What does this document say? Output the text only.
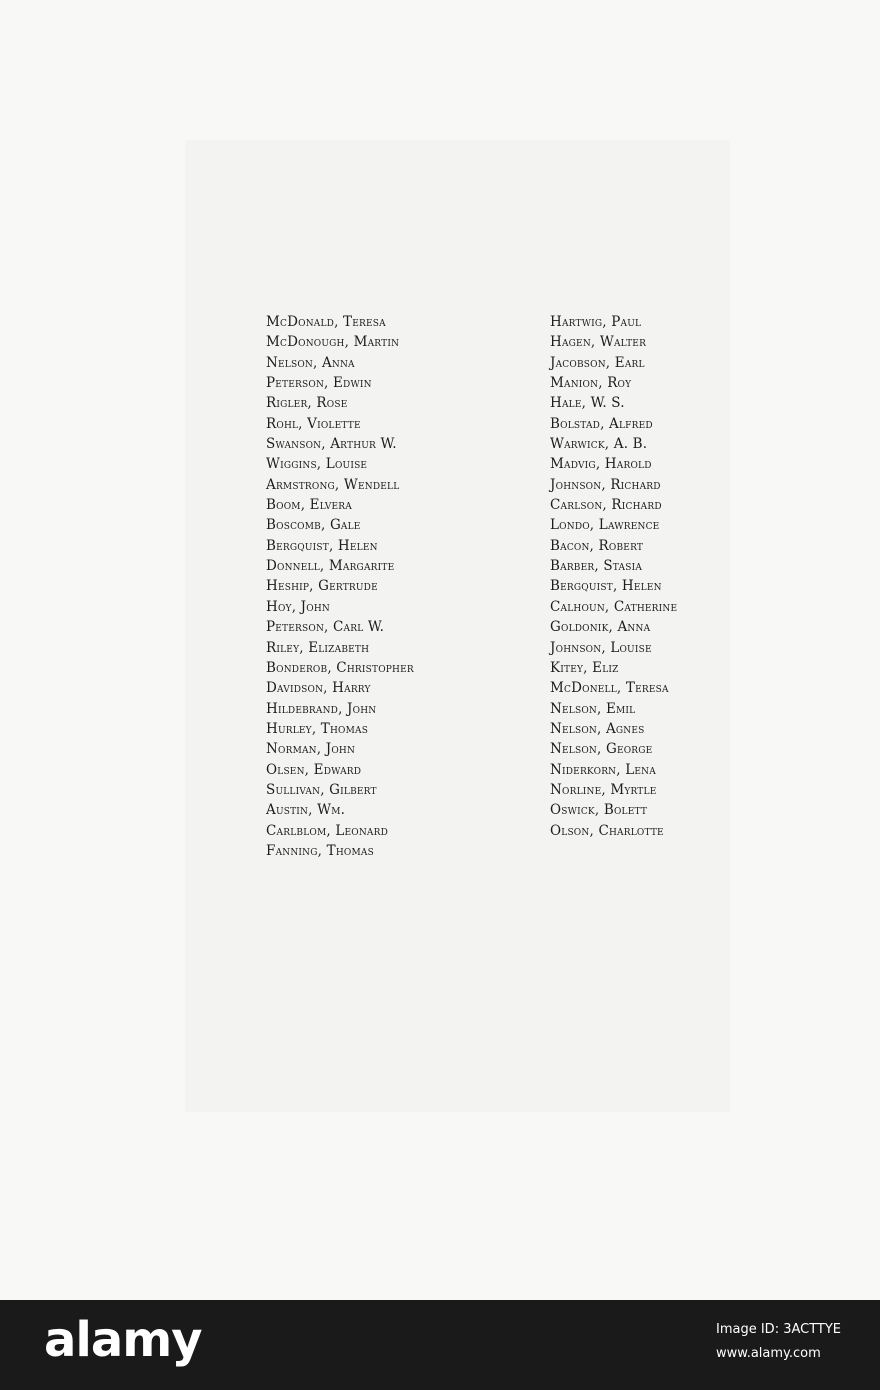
McDonald, Teresa
McDonough, Martin
Nelson, Anna
Peterson, Edwin
Rigler, Rose
Rohl, Violette
Swanson, Arthur W.
Wiggins, Louise
Armstrong, Wendell
Boom, Elvera
Boscomb, Gale
Bergquist, Helen
Donnell, Margarite
Heship, Gertrude
Hoy, John
Peterson, Carl W.
Riley, Elizabeth
Bonderob, Christopher
Davidson, Harry
Hildebrand, John
Hurley, Thomas
Norman, John
Olsen, Edward
Sullivan, Gilbert
Austin, Wm.
Carlblom, Leonard
Fanning, Thomas
Hartwig, Paul
Hagen, Walter
Jacobson, Earl
Manion, Roy
Hale, W. S.
Bolstad, Alfred
Warwick, A. B.
Madvig, Harold
Johnson, Richard
Carlson, Richard
Londo, Lawrence
Bacon, Robert
Barber, Stasia
Bergquist, Helen
Calhoun, Catherine
Goldonik, Anna
Johnson, Louise
Kitey, Eliz
McDonell, Teresa
Nelson, Emil
Nelson, Agnes
Nelson, George
Niderkorn, Lena
Norline, Myrtle
Oswick, Bolett
Olson, Charlotte
alamy	Image ID: 3ACTTYE
www.alamy.com
